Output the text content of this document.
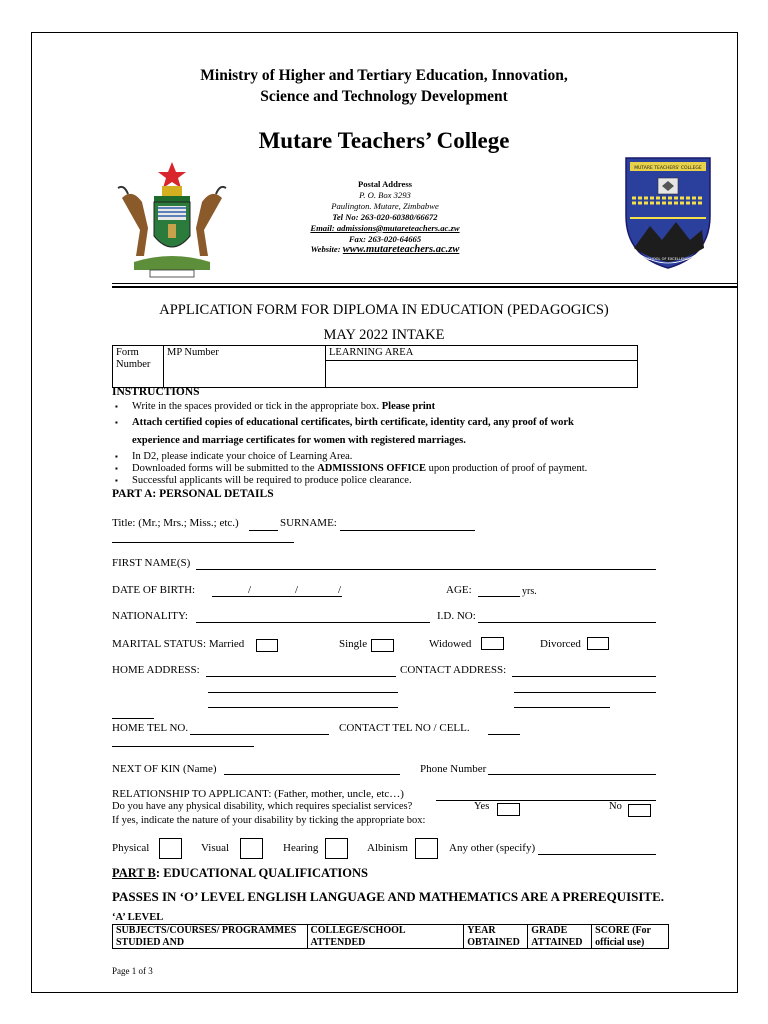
Ministry of Higher and Tertiary Education, Innovation,
Science and Technology Development
Mutare Teachers’ College
Postal Address
P. O. Box 3293
Paulington. Mutare, Zimbabwe
Tel No: 263-020-60380/66672
Email: admissions@mutareteachers.ac.zw
Fax: 263-020-64665
Website: www.mutareteachers.ac.zw
MUTARE TEACHERS' COLLEGE
SCHOOL OF EXCELLENCE
APPLICATION FORM FOR DIPLOMA IN EDUCATION (PEDAGOGICS)
MAY 2022 INTAKE
Form Number	MP Number	LEARNING AREA

INSTRUCTIONS
▪ Write in the spaces provided or tick in the appropriate box. Please print
▪ Attach certified copies of educational certificates, birth certificate, identity card, any proof of work
experience and marriage certificates for women with registered marriages.
▪ In D2, please indicate your choice of Learning Area.
▪ Downloaded forms will be submitted to the ADMISSIONS OFFICE upon production of proof of payment.
▪ Successful applicants will be required to produce police clearance.
PART A: PERSONAL DETAILS
Title: (Mr.; Mrs.; Miss.; etc.)	SURNAME:
FIRST NAME(S)
DATE OF BIRTH:	/	/	/	AGE:	yrs.
NATIONALITY:	I.D. NO:
MARITAL STATUS: Married	Single	Widowed	Divorced
HOME ADDRESS:	CONTACT ADDRESS:
HOME TEL NO.	CONTACT TEL NO / CELL.
NEXT OF KIN (Name)	Phone Number
RELATIONSHIP TO APPLICANT: (Father, mother, uncle, etc…)
Do you have any physical disability, which requires specialist services?	Yes	No
If yes, indicate the nature of your disability by ticking the appropriate box:
Physical	Visual	Hearing	Albinism	Any other (specify)
PART B: EDUCATIONAL QUALIFICATIONS
PASSES IN ‘O’ LEVEL ENGLISH LANGUAGE AND MATHEMATICS ARE A PREREQUISITE.
‘A’ LEVEL
SUBJECTS/COURSES/ PROGRAMMES STUDIED AND	COLLEGE/SCHOOL ATTENDED	YEAR OBTAINED	GRADE ATTAINED	SCORE (For official use)
Page 1 of 3
